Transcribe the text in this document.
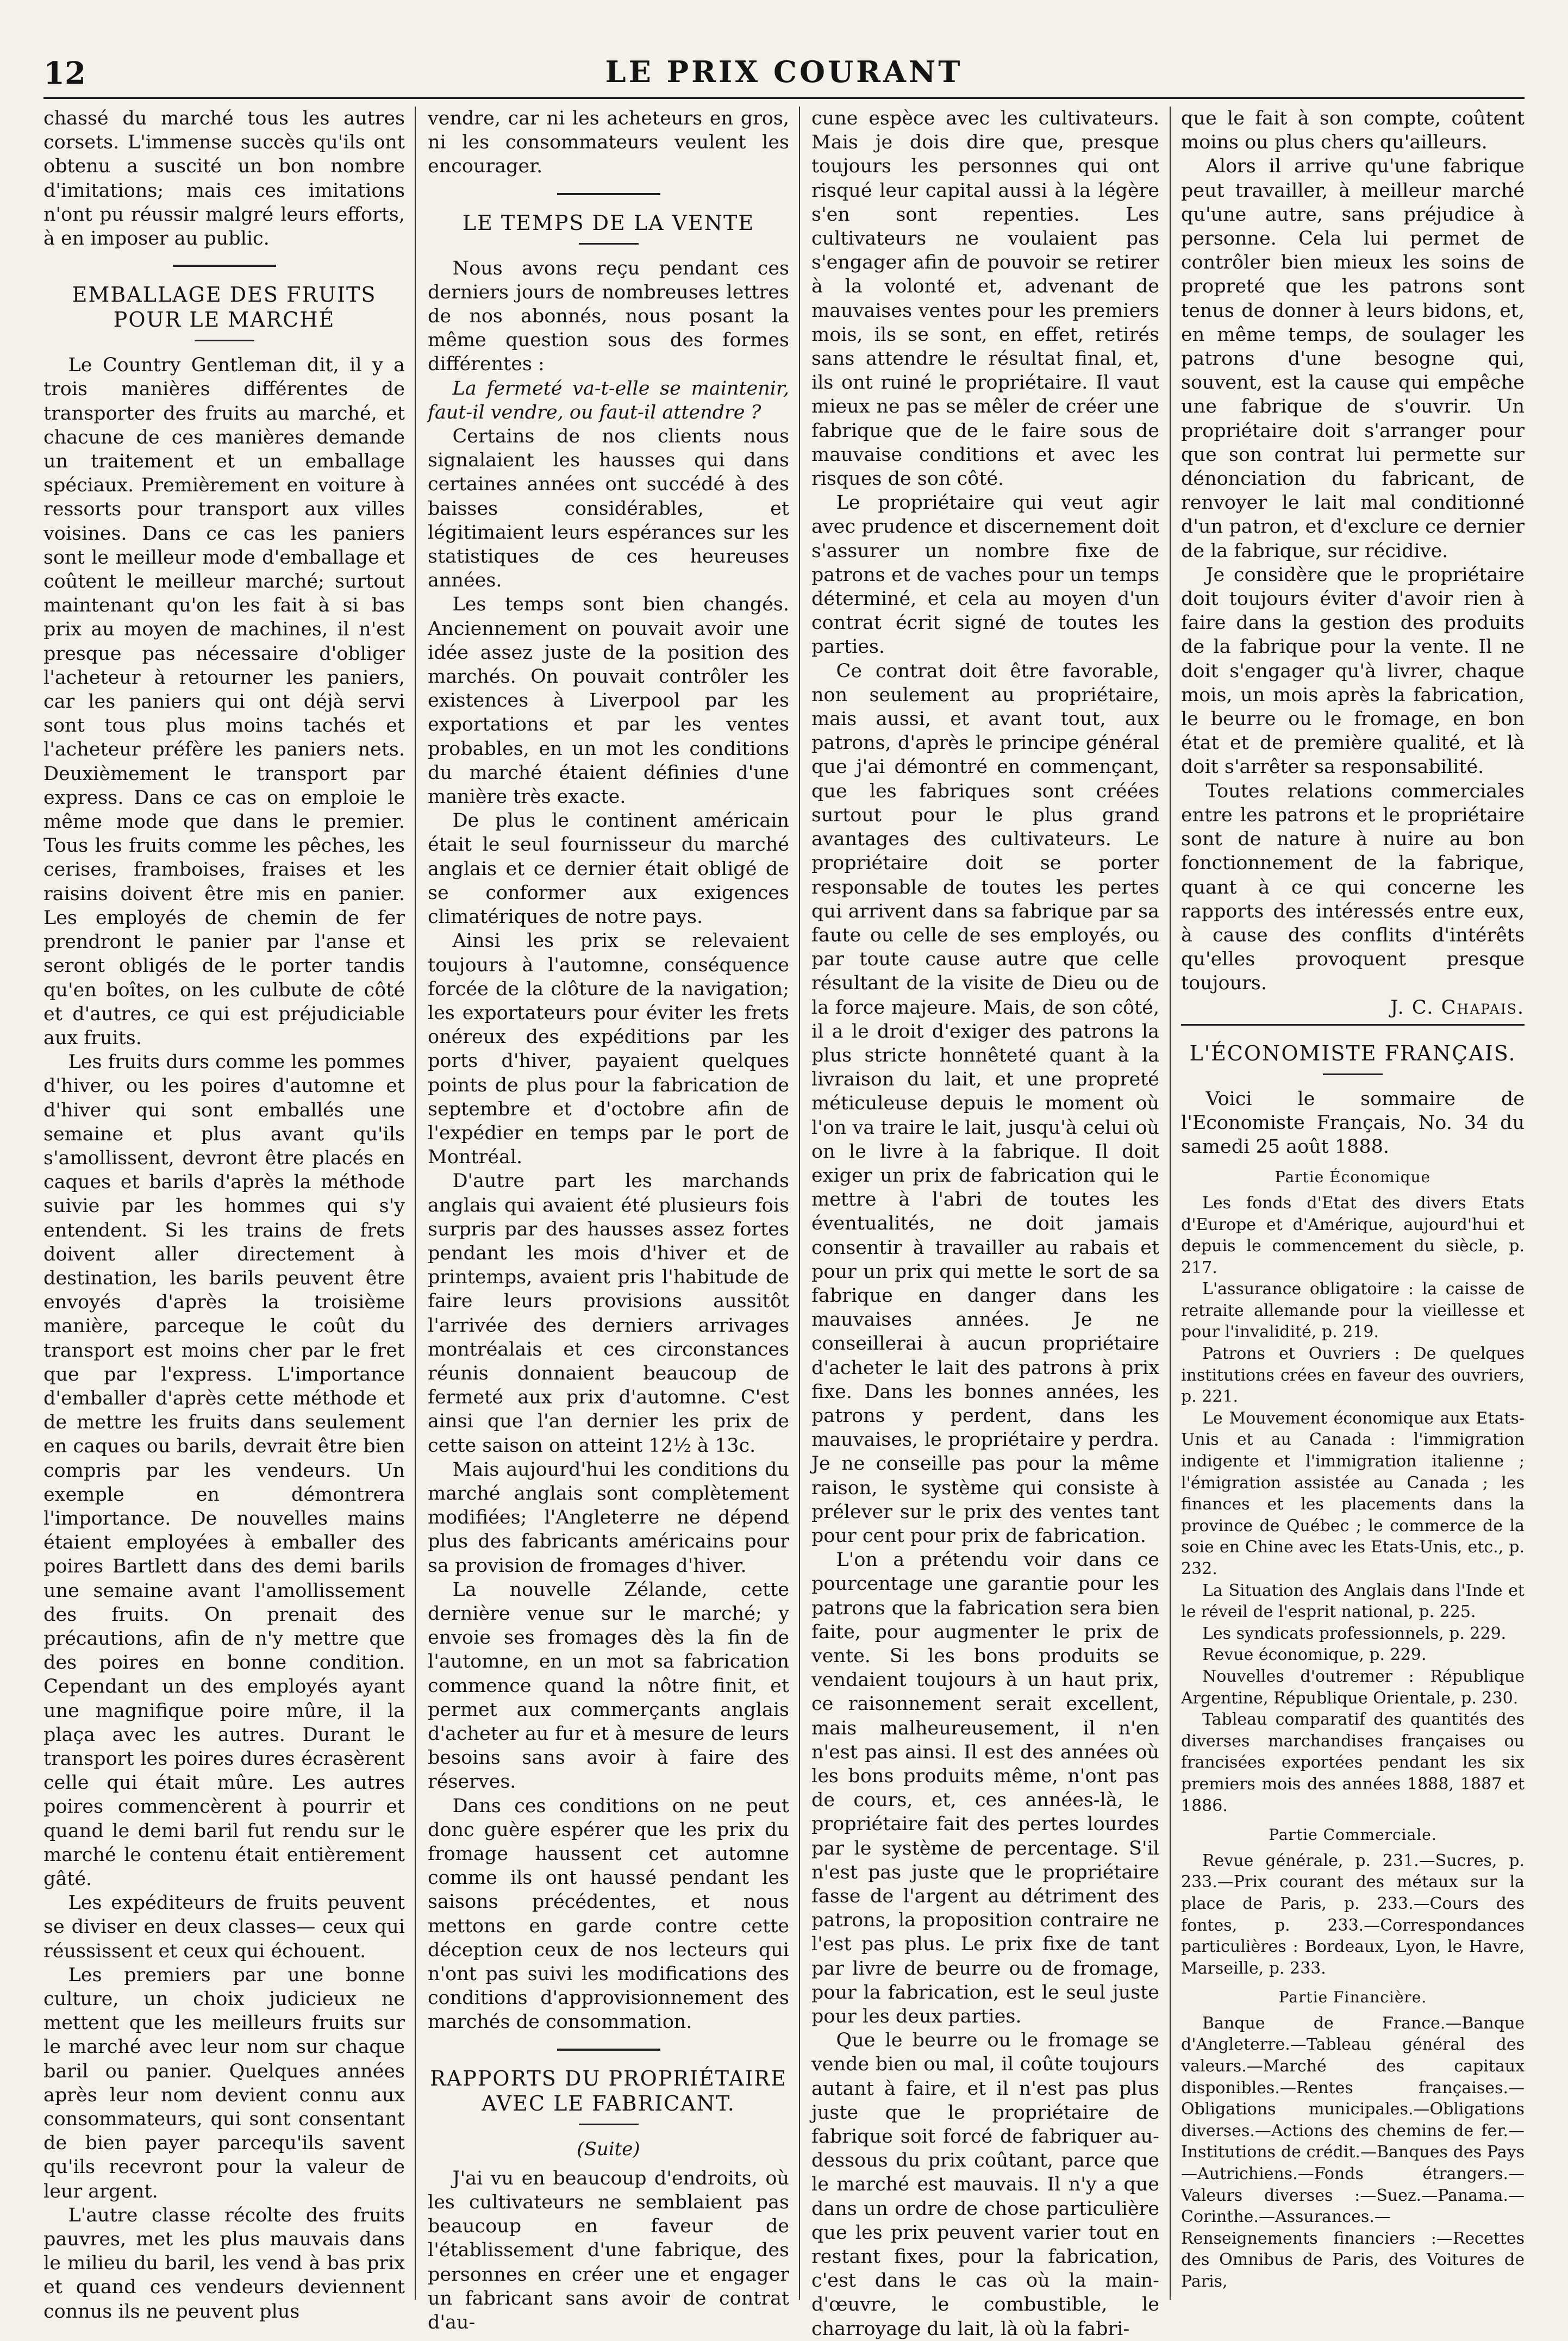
12	LE PRIX COURANT

chassé du marché tous les autres corsets. L'immense succès qu'ils ont obtenu a suscité un bon nombre d'imitations; mais ces imitations n'ont pu réussir malgré leurs efforts, à en imposer au public.

EMBALLAGE DES FRUITS POUR LE MARCHÉ

Le Country Gentleman dit, il y a trois manières différentes de transporter des fruits au marché, et chacune de ces manières demande un traitement et un emballage spéciaux. Premièrement en voiture à ressorts pour transport aux villes voisines. Dans ce cas les paniers sont le meilleur mode d'emballage et coûtent le meilleur marché; surtout maintenant qu'on les fait à si bas prix au moyen de machines, il n'est presque pas nécessaire d'obliger l'acheteur à retourner les paniers, car les paniers qui ont déjà servi sont tous plus moins tachés et l'acheteur préfère les paniers nets. Deuxièmement le transport par express. Dans ce cas on emploie le même mode que dans le premier. Tous les fruits comme les pêches, les cerises, framboises, fraises et les raisins doivent être mis en panier. Les employés de chemin de fer prendront le panier par l'anse et seront obligés de le porter tandis qu'en boîtes, on les culbute de côté et d'autres, ce qui est préjudiciable aux fruits.

Les fruits durs comme les pommes d'hiver, ou les poires d'automne et d'hiver qui sont emballés une semaine et plus avant qu'ils s'amollissent, devront être placés en caques et barils d'après la méthode suivie par les hommes qui s'y entendent. Si les trains de frets doivent aller directement à destination, les barils peuvent être envoyés d'après la troisième manière, parceque le coût du transport est moins cher par le fret que par l'express. L'importance d'emballer d'après cette méthode et de mettre les fruits dans seulement en caques ou barils, devrait être bien compris par les vendeurs. Un exemple en démontrera l'importance. De nouvelles mains étaient employées à emballer des poires Bartlett dans des demi barils une semaine avant l'amollissement des fruits. On prenait des précautions, afin de n'y mettre que des poires en bonne condition. Cependant un des employés ayant une magnifique poire mûre, il la plaça avec les autres. Durant le transport les poires dures écrasèrent celle qui était mûre. Les autres poires commencèrent à pourrir et quand le demi baril fut rendu sur le marché le contenu était entièrement gâté.

Les expéditeurs de fruits peuvent se diviser en deux classes— ceux qui réussissent et ceux qui échouent.

Les premiers par une bonne culture, un choix judicieux ne mettent que les meilleurs fruits sur le marché avec leur nom sur chaque baril ou panier. Quelques années après leur nom devient connu aux consommateurs, qui sont consentant de bien payer parcequ'ils savent qu'ils recevront pour la valeur de leur argent.

L'autre classe récolte des fruits pauvres, met les plus mauvais dans le milieu du baril, les vend à bas prix et quand ces vendeurs deviennent connus ils ne peuvent plus

vendre, car ni les acheteurs en gros, ni les consommateurs veulent les encourager.

LE TEMPS DE LA VENTE

Nous avons reçu pendant ces derniers jours de nombreuses lettres de nos abonnés, nous posant la même question sous des formes différentes :

La fermeté va-t-elle se maintenir, faut-il vendre, ou faut-il attendre ?

Certains de nos clients nous signalaient les hausses qui dans certaines années ont succédé à des baisses considérables, et légitimaient leurs espérances sur les statistiques de ces heureuses années.

Les temps sont bien changés. Anciennement on pouvait avoir une idée assez juste de la position des marchés. On pouvait contrôler les existences à Liverpool par les exportations et par les ventes probables, en un mot les conditions du marché étaient définies d'une manière très exacte.

De plus le continent américain était le seul fournisseur du marché anglais et ce dernier était obligé de se conformer aux exigences climatériques de notre pays.

Ainsi les prix se relevaient toujours à l'automne, conséquence forcée de la clôture de la navigation; les exportateurs pour éviter les frets onéreux des expéditions par les ports d'hiver, payaient quelques points de plus pour la fabrication de septembre et d'octobre afin de l'expédier en temps par le port de Montréal.

D'autre part les marchands anglais qui avaient été plusieurs fois surpris par des hausses assez fortes pendant les mois d'hiver et de printemps, avaient pris l'habitude de faire leurs provisions aussitôt l'arrivée des derniers arrivages montréalais et ces circonstances réunis donnaient beaucoup de fermeté aux prix d'automne. C'est ainsi que l'an dernier les prix de cette saison on atteint 12½ à 13c.

Mais aujourd'hui les conditions du marché anglais sont complètement modifiées; l'Angleterre ne dépend plus des fabricants américains pour sa provision de fromages d'hiver.

La nouvelle Zélande, cette dernière venue sur le marché; y envoie ses fromages dès la fin de l'automne, en un mot sa fabrication commence quand la nôtre finit, et permet aux commerçants anglais d'acheter au fur et à mesure de leurs besoins sans avoir à faire des réserves.

Dans ces conditions on ne peut donc guère espérer que les prix du fromage haussent cet automne comme ils ont haussé pendant les saisons précédentes, et nous mettons en garde contre cette déception ceux de nos lecteurs qui n'ont pas suivi les modifications des conditions d'approvisionnement des marchés de consommation.

RAPPORTS DU PROPRIÉTAIRE AVEC LE FABRICANT.
(Suite)

J'ai vu en beaucoup d'endroits, où les cultivateurs ne semblaient pas beaucoup en faveur de l'établissement d'une fabrique, des personnes en créer une et engager un fabricant sans avoir de contrat d'au-

cune espèce avec les cultivateurs. Mais je dois dire que, presque toujours les personnes qui ont risqué leur capital aussi à la légère s'en sont repenties. Les cultivateurs ne voulaient pas s'engager afin de pouvoir se retirer à la volonté et, advenant de mauvaises ventes pour les premiers mois, ils se sont, en effet, retirés sans attendre le résultat final, et, ils ont ruiné le propriétaire. Il vaut mieux ne pas se mêler de créer une fabrique que de le faire sous de mauvaise conditions et avec les risques de son côté.

Le propriétaire qui veut agir avec prudence et discernement doit s'assurer un nombre fixe de patrons et de vaches pour un temps déterminé, et cela au moyen d'un contrat écrit signé de toutes les parties.

Ce contrat doit être favorable, non seulement au propriétaire, mais aussi, et avant tout, aux patrons, d'après le principe général que j'ai démontré en commençant, que les fabriques sont créées surtout pour le plus grand avantages des cultivateurs. Le propriétaire doit se porter responsable de toutes les pertes qui arrivent dans sa fabrique par sa faute ou celle de ses employés, ou par toute cause autre que celle résultant de la visite de Dieu ou de la force majeure. Mais, de son côté, il a le droit d'exiger des patrons la plus stricte honnêteté quant à la livraison du lait, et une propreté méticuleuse depuis le moment où l'on va traire le lait, jusqu'à celui où on le livre à la fabrique. Il doit exiger un prix de fabrication qui le mettre à l'abri de toutes les éventualités, ne doit jamais consentir à travailler au rabais et pour un prix qui mette le sort de sa fabrique en danger dans les mauvaises années. Je ne conseillerai à aucun propriétaire d'acheter le lait des patrons à prix fixe. Dans les bonnes années, les patrons y perdent, dans les mauvaises, le propriétaire y perdra. Je ne conseille pas pour la même raison, le système qui consiste à prélever sur le prix des ventes tant pour cent pour prix de fabrication.

L'on a prétendu voir dans ce pourcentage une garantie pour les patrons que la fabrication sera bien faite, pour augmenter le prix de vente. Si les bons produits se vendaient toujours à un haut prix, ce raisonnement serait excellent, mais malheureusement, il n'en n'est pas ainsi. Il est des années où les bons produits même, n'ont pas de cours, et, ces années-là, le propriétaire fait des pertes lourdes par le système de percentage. S'il n'est pas juste que le propriétaire fasse de l'argent au détriment des patrons, la proposition contraire ne l'est pas plus. Le prix fixe de tant par livre de beurre ou de fromage, pour la fabrication, est le seul juste pour les deux parties.

Que le beurre ou le fromage se vende bien ou mal, il coûte toujours autant à faire, et il n'est pas plus juste que le propriétaire de fabrique soit forcé de fabriquer au-dessous du prix coûtant, parce que le marché est mauvais. Il n'y a que dans un ordre de chose particulière que les prix peuvent varier tout en restant fixes, pour la fabrication, c'est dans le cas où la main-d'œuvre, le combustible, le charroyage du lait, là où la fabri-

que le fait à son compte, coûtent moins ou plus chers qu'ailleurs.

Alors il arrive qu'une fabrique peut travailler, à meilleur marché qu'une autre, sans préjudice à personne. Cela lui permet de contrôler bien mieux les soins de propreté que les patrons sont tenus de donner à leurs bidons, et, en même temps, de soulager les patrons d'une besogne qui, souvent, est la cause qui empêche une fabrique de s'ouvrir. Un propriétaire doit s'arranger pour que son contrat lui permette sur dénonciation du fabricant, de renvoyer le lait mal conditionné d'un patron, et d'exclure ce dernier de la fabrique, sur récidive.

Je considère que le propriétaire doit toujours éviter d'avoir rien à faire dans la gestion des produits de la fabrique pour la vente. Il ne doit s'engager qu'à livrer, chaque mois, un mois après la fabrication, le beurre ou le fromage, en bon état et de première qualité, et là doit s'arrêter sa responsabilité.

Toutes relations commerciales entre les patrons et le propriétaire sont de nature à nuire au bon fonctionnement de la fabrique, quant à ce qui concerne les rapports des intéressés entre eux, à cause des conflits d'intérêts qu'elles provoquent presque toujours.

J. C. Chapais.

L'ÉCONOMISTE FRANÇAIS.

Voici le sommaire de l'Economiste Français, No. 34 du samedi 25 août 1888.

Partie Économique

Les fonds d'Etat des divers Etats d'Europe et d'Amérique, aujourd'hui et depuis le commencement du siècle, p. 217.

L'assurance obligatoire : la caisse de retraite allemande pour la vieillesse et pour l'invalidité, p. 219.

Patrons et Ouvriers : De quelques institutions crées en faveur des ouvriers, p. 221.

Le Mouvement économique aux Etats-Unis et au Canada : l'immigration indigente et l'immigration italienne ; l'émigration assistée au Canada ; les finances et les placements dans la province de Québec ; le commerce de la soie en Chine avec les Etats-Unis, etc., p. 232.

La Situation des Anglais dans l'Inde et le réveil de l'esprit national, p. 225.

Les syndicats professionnels, p. 229.

Revue économique, p. 229.

Nouvelles d'outremer : République Argentine, République Orientale, p. 230.

Tableau comparatif des quantités des diverses marchandises françaises ou francisées exportées pendant les six premiers mois des années 1888, 1887 et 1886.

Partie Commerciale.

Revue générale, p. 231.—Sucres, p. 233.—Prix courant des métaux sur la place de Paris, p. 233.—Cours des fontes, p. 233.—Correspondances particulières : Bordeaux, Lyon, le Havre, Marseille, p. 233.

Partie Financière.

Banque de France.—Banque d'Angleterre.—Tableau général des valeurs.—Marché des capitaux disponibles.—Rentes françaises.—Obligations municipales.—Obligations diverses.—Actions des chemins de fer.—Institutions de crédit.—Banques des Pays—Autrichiens.—Fonds étrangers.—Valeurs diverses :—Suez.—Panama.—Corinthe.—Assurances.—Renseignements financiers :—Recettes des Omnibus de Paris, des Voitures de Paris,
